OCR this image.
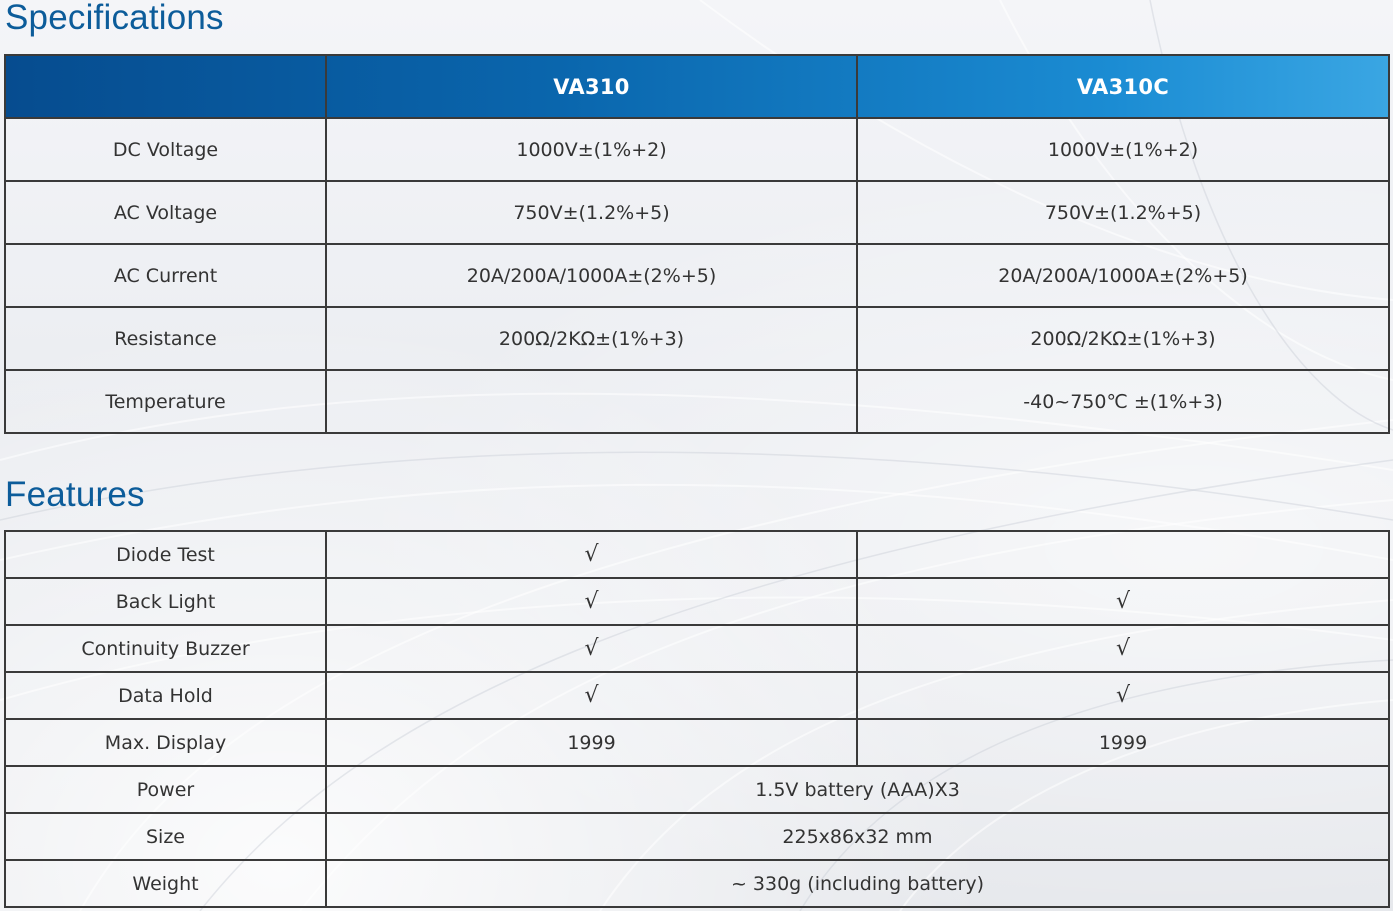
Specifications
	VA310	VA310C
DC Voltage	1000V±(1%+2)	1000V±(1%+2)
AC Voltage	750V±(1.2%+5)	750V±(1.2%+5)
AC Current	20A/200A/1000A±(2%+5)	20A/200A/1000A±(2%+5)
Resistance	200Ω/2KΩ±(1%+3)	200Ω/2KΩ±(1%+3)
Temperature		-40~750℃ ±(1%+3)
Features
Diode Test	√	
Back Light	√	√
Continuity Buzzer	√	√
Data Hold	√	√
Max. Display	1999	1999
Power	1.5V battery (AAA)X3	
Size	225x86x32 mm	
Weight	~ 330g (including battery)	
